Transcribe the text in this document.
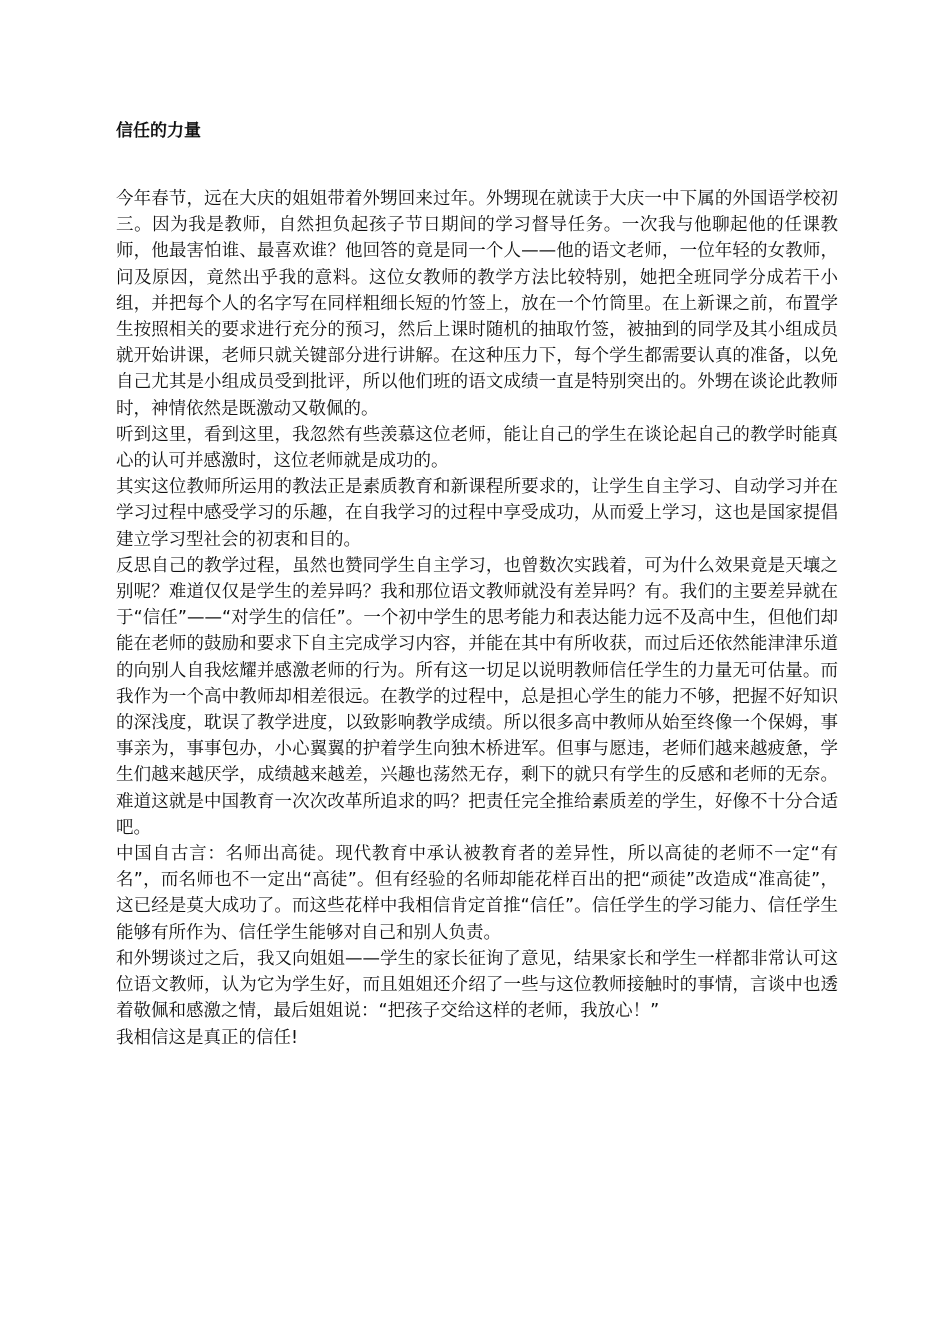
信任的力量

今年春节，远在大庆的姐姐带着外甥回来过年。外甥现在就读于大庆一中下属的外国语学校初三。因为我是教师，自然担负起孩子节日期间的学习督导任务。一次我与他聊起他的任课教师，他最害怕谁、最喜欢谁？他回答的竟是同一个人——他的语文老师，一位年轻的女教师，问及原因，竟然出乎我的意料。这位女教师的教学方法比较特别，她把全班同学分成若干小组，并把每个人的名字写在同样粗细长短的竹签上，放在一个竹筒里。在上新课之前，布置学生按照相关的要求进行充分的预习，然后上课时随机的抽取竹签，被抽到的同学及其小组成员就开始讲课，老师只就关键部分进行讲解。在这种压力下，每个学生都需要认真的准备，以免自己尤其是小组成员受到批评，所以他们班的语文成绩一直是特别突出的。外甥在谈论此教师时，神情依然是既激动又敬佩的。

听到这里，看到这里，我忽然有些羡慕这位老师，能让自己的学生在谈论起自己的教学时能真心的认可并感激时，这位老师就是成功的。

其实这位教师所运用的教法正是素质教育和新课程所要求的，让学生自主学习、自动学习并在学习过程中感受学习的乐趣，在自我学习的过程中享受成功，从而爱上学习，这也是国家提倡建立学习型社会的初衷和目的。

反思自己的教学过程，虽然也赞同学生自主学习，也曾数次实践着，可为什么效果竟是天壤之别呢？难道仅仅是学生的差异吗？我和那位语文教师就没有差异吗？有。我们的主要差异就在于“信任”——“对学生的信任”。一个初中学生的思考能力和表达能力远不及高中生，但他们却能在老师的鼓励和要求下自主完成学习内容，并能在其中有所收获，而过后还依然能津津乐道的向别人自我炫耀并感激老师的行为。所有这一切足以说明教师信任学生的力量无可估量。而我作为一个高中教师却相差很远。在教学的过程中，总是担心学生的能力不够，把握不好知识的深浅度，耽误了教学进度，以致影响教学成绩。所以很多高中教师从始至终像一个保姆，事事亲为，事事包办，小心翼翼的护着学生向独木桥进军。但事与愿违，老师们越来越疲惫，学生们越来越厌学，成绩越来越差，兴趣也荡然无存，剩下的就只有学生的反感和老师的无奈。难道这就是中国教育一次次改革所追求的吗？把责任完全推给素质差的学生，好像不十分合适吧。

中国自古言：名师出高徒。现代教育中承认被教育者的差异性，所以高徒的老师不一定“有名”，而名师也不一定出“高徒”。但有经验的名师却能花样百出的把“顽徒”改造成“准高徒”，这已经是莫大成功了。而这些花样中我相信肯定首推“信任”。信任学生的学习能力、信任学生能够有所作为、信任学生能够对自己和别人负责。

和外甥谈过之后，我又向姐姐——学生的家长征询了意见，结果家长和学生一样都非常认可这位语文教师，认为它为学生好，而且姐姐还介绍了一些与这位教师接触时的事情，言谈中也透着敬佩和感激之情，最后姐姐说：“把孩子交给这样的老师，我放心！”

我相信这是真正的信任!
